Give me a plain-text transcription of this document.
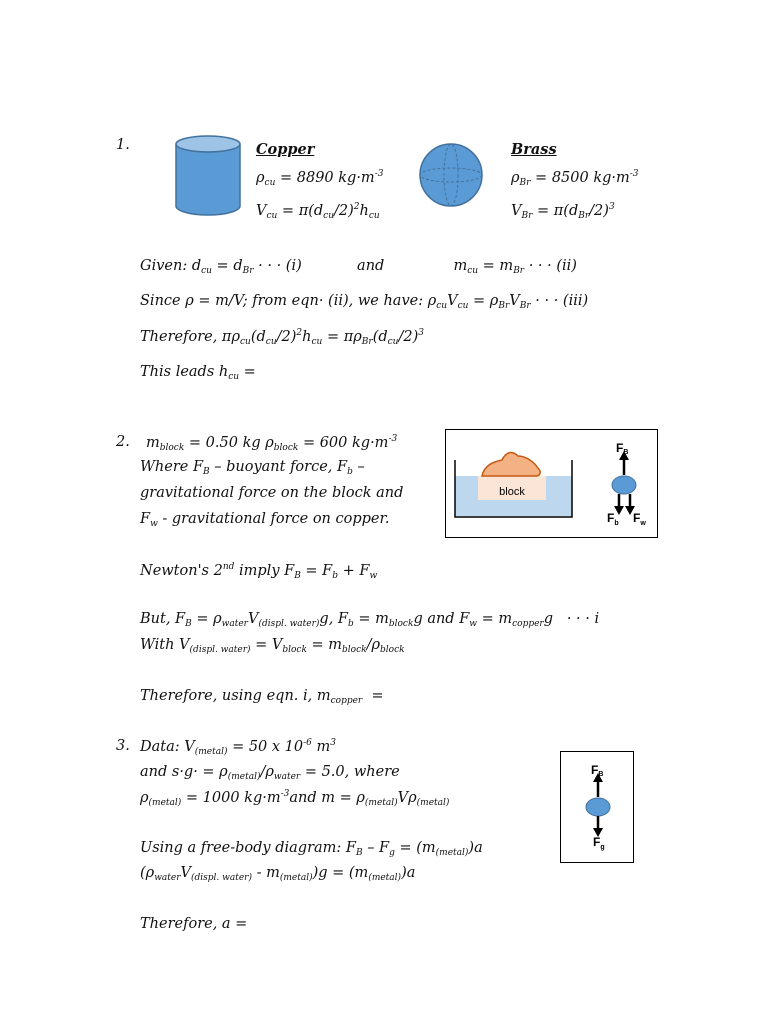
1.	Copper
$\rho_{cu} = 8890$ $kg\cdot m^{-3}$
$V_{cu} = \pi(d_{cu}/2)^2h_{cu}$
Brass
$\rho_{Br} = 8500$ $kg\cdot m^{-3}$
$V_{Br} = \pi(d_{Br}/2)^3$
Given: $d_{cu} = d_{Br}$ · · · (i)            and               $m_{cu} = m_{Br}$ · · · (ii)
Since ρ = m/V; from eqn· (ii), we have: $\rho_{cu}V_{cu} = \rho_{Br}V_{Br}$ · · · (iii)
Therefore, $\pi\rho_{cu}(d_{cu}/2)^2h_{cu} = \pi\rho_{Br}(d_{cu}/2)^3$
This leads $h_{cu}$ =
2. $m_{block} = 0.50$ kg $\rho_{block} = 600$ $kg\cdot m^{-3}$
Where $F_B$ – buoyant force, $F_b$ –
gravitational force on the block and
$F_w$ - gravitational force on copper.
block
FB
$F_b$ $F_w$
Newton's 2nd imply $F_B = F_b + F_w$
But, $F_B = \rho_{water}V_{(displ. water)}g$, $F_b = m_{block}g$ and $F_w = m_{copper}g$   · · · i
With $V_{(displ. water)} = V_{block} = m_{block}/\rho_{block}$
Therefore, using eqn. i, $m_{copper}$  =
3. Data: $V_{(metal)} = 50$ x $10^{-6}$ $m^3$
and $s\cdot g\cdot = \rho_{(metal)}/\rho_{water} = 5.0$, where
$\rho_{(metal)} = 1000$ $kg\cdot m^{-3}and$ $m = \rho_{(metal)}V\rho_{(metal)}$
Using a free-body diagram: $F_B - F_g = (m_{(metal)})a$
$(\rho_{water}V_{(displ. water)} - m_{(metal)})g = (m_{(metal)})a$
Therefore, a =
FB
$F_g$
